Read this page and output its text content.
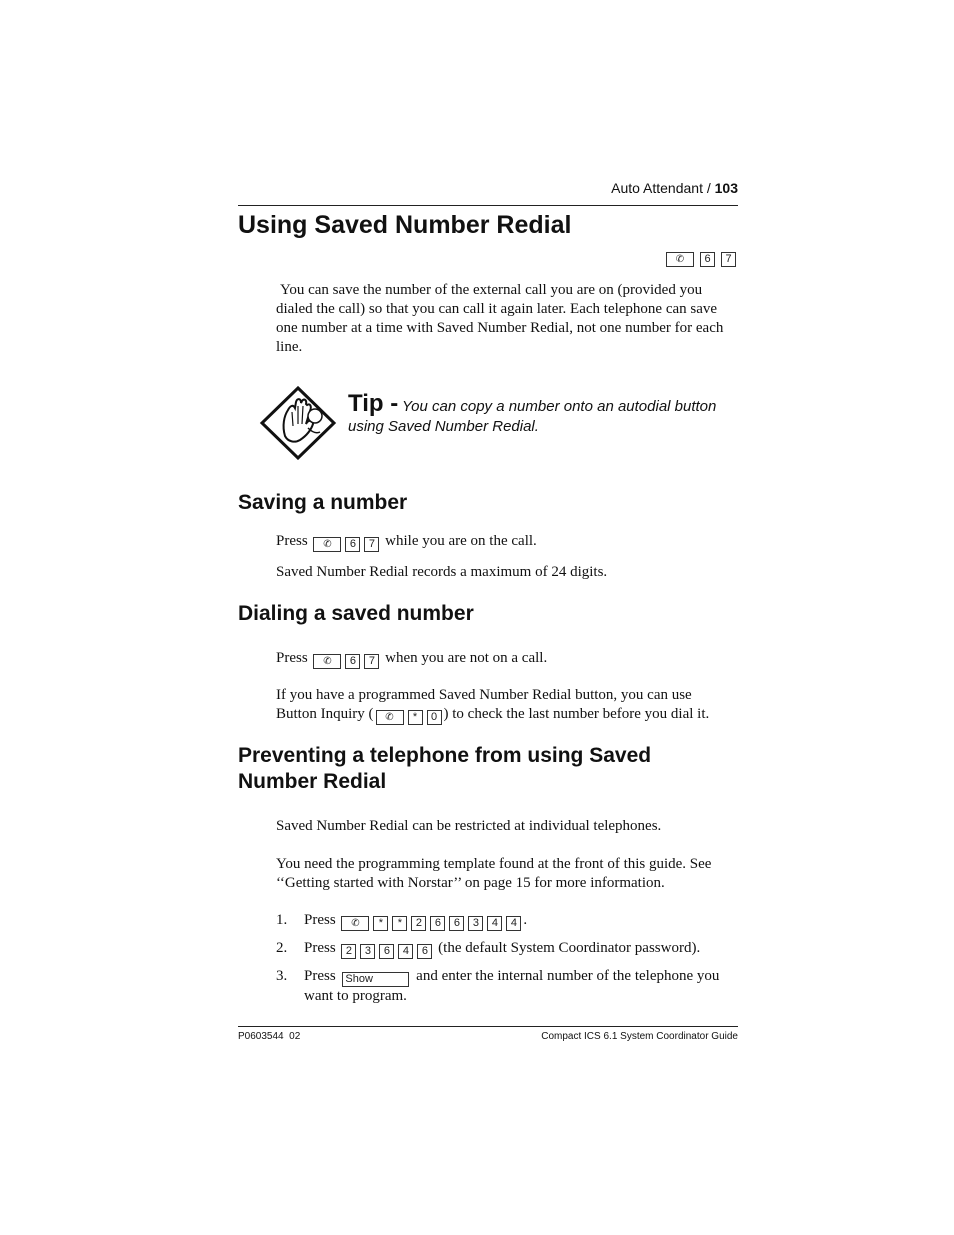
Auto Attendant / 103
Using Saved Number Redial
✆	6	7

You can save the number of the external call you are on (provided you dialed the call) so that you can call it again later. Each telephone can save one number at a time with Saved Number Redial, not one number for each line.

Tip - You can copy a number onto an autodial button
using Saved Number Redial.
Saving a number
Press ✆ 6 7 while you are on the call.
Saved Number Redial records a maximum of 24 digits.
Dialing a saved number
Press ✆ 6 7 when you are not on a call.
If you have a programmed Saved Number Redial button, you can use
Button Inquiry ( ✆ * 0 ) to check the last number before you dial it.
Preventing a telephone from using Saved
Number Redial
Saved Number Redial can be restricted at individual telephones.
You need the programming template found at the front of this guide. See
‘‘Getting started with Norstar’’ on page 15 for more information.
1. Press ✆ * * 2 6 6 3 4 4 .
2. Press 2 3 6 4 6 (the default System Coordinator password).
3. Press Show	and enter the internal number of the telephone you
want to program.
P0603544  02	Compact ICS 6.1 System Coordinator Guide
